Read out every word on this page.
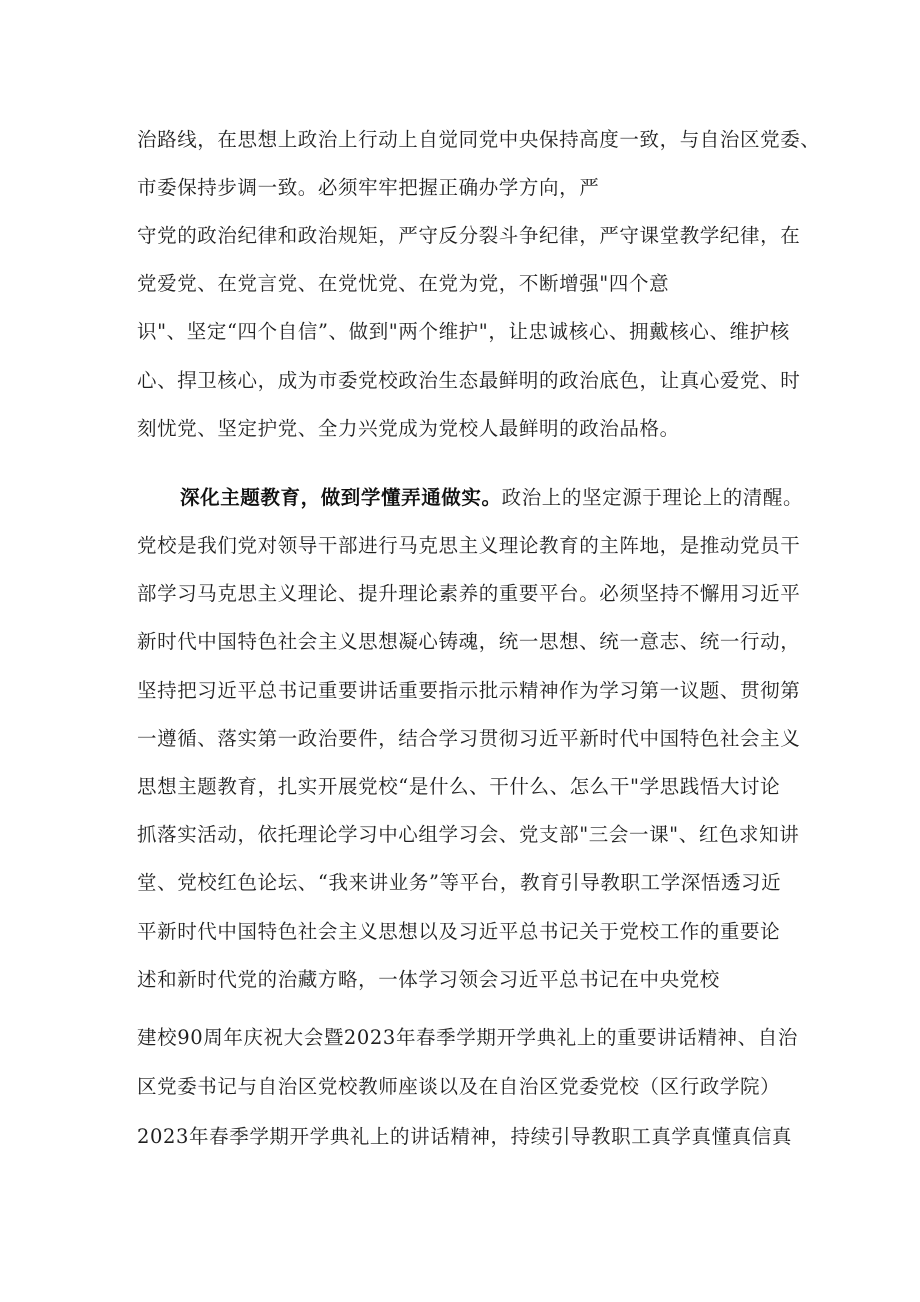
治路线，在思想上政治上行动上自觉同党中央保持高度一致，与自治区党委、
市委保持步调一致。必须牢牢把握正确办学方向，严
守党的政治纪律和政治规矩，严守反分裂斗争纪律，严守课堂教学纪律，在
党爱党、在党言党、在党忧党、在党为党，不断增强"四个意
识"、坚定“四个自信”、做到"两个维护"，让忠诚核心、拥戴核心、维护核
心、捍卫核心，成为市委党校政治生态最鲜明的政治底色，让真心爱党、时
刻忧党、坚定护党、全力兴党成为党校人最鲜明的政治品格。
深化主题教育，做到学懂弄通做实。政治上的坚定源于理论上的清醒。
党校是我们党对领导干部进行马克思主义理论教育的主阵地，是推动党员干
部学习马克思主义理论、提升理论素养的重要平台。必须坚持不懈用习近平
新时代中国特色社会主义思想凝心铸魂，统一思想、统一意志、统一行动，
坚持把习近平总书记重要讲话重要指示批示精神作为学习第一议题、贯彻第
一遵循、落实第一政治要件，结合学习贯彻习近平新时代中国特色社会主义
思想主题教育，扎实开展党校“是什么、干什么、怎么干"学思践悟大讨论
抓落实活动，依托理论学习中心组学习会、党支部"三会一课"、红色求知讲
堂、党校红色论坛、“我来讲业务”等平台，教育引导教职工学深悟透习近
平新时代中国特色社会主义思想以及习近平总书记关于党校工作的重要论
述和新时代党的治藏方略，一体学习领会习近平总书记在中央党校
建校90周年庆祝大会暨2023年春季学期开学典礼上的重要讲话精神、自治
区党委书记与自治区党校教师座谈以及在自治区党委党校（区行政学院）
2023年春季学期开学典礼上的讲话精神，持续引导教职工真学真懂真信真
